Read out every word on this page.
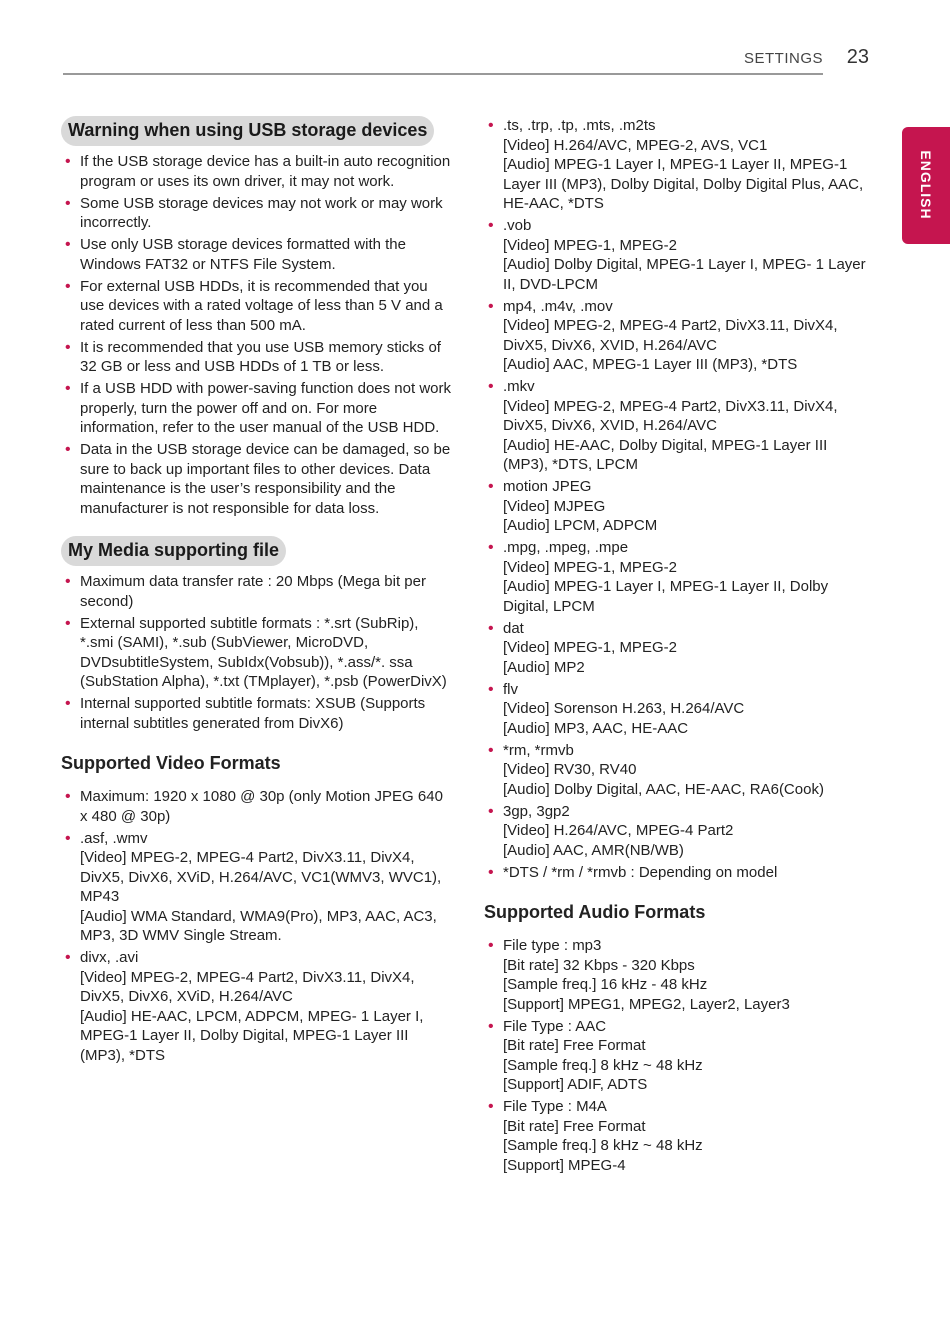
SETTINGS 23
ENGLISH
Warning when using USB storage devices
• If the USB storage device has a built-in auto recognition program or uses its own driver, it may not work.
• Some USB storage devices may not work or may work incorrectly.
• Use only USB storage devices formatted with the Windows FAT32 or NTFS File System.
• For external USB HDDs, it is recommended that you use devices with a rated voltage of less than 5 V and a rated current of less than 500 mA.
• It is recommended that you use USB memory sticks of 32 GB or less and USB HDDs of 1 TB or less.
• If a USB HDD with power-saving function does not work properly, turn the power off and on. For more information, refer to the user manual of the USB HDD.
• Data in the USB storage device can be damaged, so be sure to back up important files to other devices. Data maintenance is the user’s responsibility and the manufacturer is not responsible for data loss.
My Media supporting file
• Maximum data transfer rate : 20 Mbps (Mega bit per second)
• External supported subtitle formats : *.srt (SubRip), *.smi (SAMI), *.sub (SubViewer, MicroDVD, DVDsubtitleSystem, SubIdx(Vobsub)), *.ass/*. ssa (SubStation Alpha), *.txt (TMplayer), *.psb (PowerDivX)
• Internal supported subtitle formats: XSUB (Supports internal subtitles generated from DivX6)
Supported Video Formats
• Maximum: 1920 x 1080 @ 30p (only Motion JPEG 640 x 480 @ 30p)
• .asf, .wmv
[Video] MPEG-2, MPEG-4 Part2, DivX3.11, DivX4, DivX5, DivX6, XViD, H.264/AVC, VC1(WMV3, WVC1), MP43
[Audio] WMA Standard, WMA9(Pro), MP3, AAC, AC3, MP3, 3D WMV Single Stream.
• divx, .avi
[Video] MPEG-2, MPEG-4 Part2, DivX3.11, DivX4, DivX5, DivX6, XViD, H.264/AVC
[Audio] HE-AAC, LPCM, ADPCM, MPEG- 1 Layer I, MPEG-1 Layer II, Dolby Digital, MPEG-1 Layer III (MP3), *DTS
• .ts, .trp, .tp, .mts, .m2ts
[Video] H.264/AVC, MPEG-2, AVS, VC1
[Audio] MPEG-1 Layer I, MPEG-1 Layer II, MPEG-1 Layer III (MP3), Dolby Digital, Dolby Digital Plus, AAC, HE-AAC, *DTS
• .vob
[Video] MPEG-1, MPEG-2
[Audio] Dolby Digital, MPEG-1 Layer I, MPEG- 1 Layer II, DVD-LPCM
• mp4, .m4v, .mov
[Video] MPEG-2, MPEG-4 Part2, DivX3.11, DivX4, DivX5, DivX6, XVID, H.264/AVC
[Audio] AAC, MPEG-1 Layer III (MP3), *DTS
• .mkv
[Video] MPEG-2, MPEG-4 Part2, DivX3.11, DivX4, DivX5, DivX6, XVID, H.264/AVC
[Audio] HE-AAC, Dolby Digital, MPEG-1 Layer III (MP3), *DTS, LPCM
• motion JPEG
[Video] MJPEG
[Audio] LPCM, ADPCM
• .mpg, .mpeg, .mpe
[Video] MPEG-1, MPEG-2
[Audio] MPEG-1 Layer I, MPEG-1 Layer II, Dolby Digital, LPCM
• dat
[Video] MPEG-1, MPEG-2
[Audio] MP2
• flv
[Video] Sorenson H.263, H.264/AVC
[Audio] MP3, AAC, HE-AAC
• *rm, *rmvb
[Video] RV30, RV40
[Audio] Dolby Digital, AAC, HE-AAC, RA6(Cook)
• 3gp, 3gp2
[Video] H.264/AVC, MPEG-4 Part2
[Audio] AAC, AMR(NB/WB)
• *DTS / *rm / *rmvb : Depending on model
Supported Audio Formats
• File type : mp3
[Bit rate] 32 Kbps - 320 Kbps
[Sample freq.] 16 kHz - 48 kHz
[Support] MPEG1, MPEG2, Layer2, Layer3
• File Type : AAC
[Bit rate] Free Format
[Sample freq.] 8 kHz ~ 48 kHz
[Support] ADIF, ADTS
• File Type : M4A
[Bit rate] Free Format
[Sample freq.] 8 kHz ~ 48 kHz
[Support] MPEG-4
